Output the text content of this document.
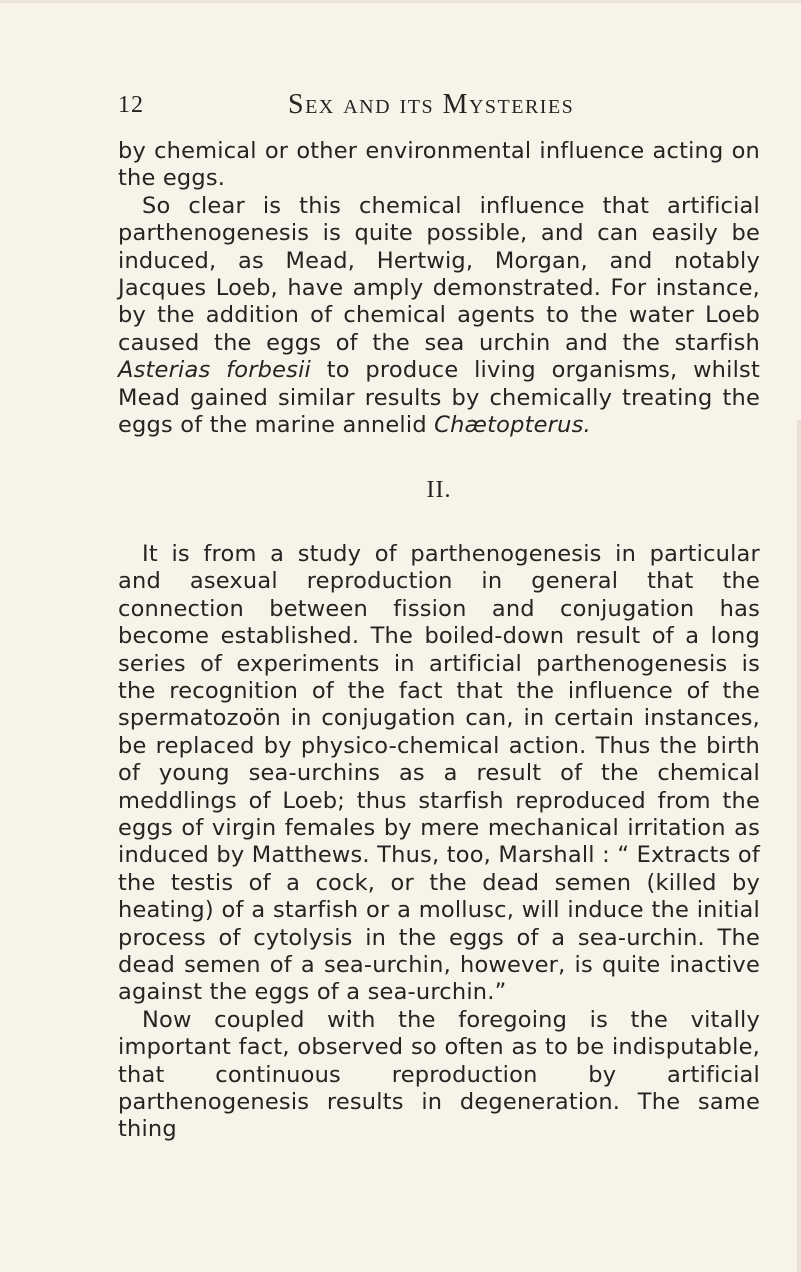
12	Sex and its Mysteries

by chemical or other environmental influence acting on the eggs.

So clear is this chemical influence that artificial parthenogenesis is quite possible, and can easily be induced, as Mead, Hertwig, Morgan, and notably Jacques Loeb, have amply demonstrated. For instance, by the addition of chemical agents to the water Loeb caused the eggs of the sea urchin and the starfish Asterias forbesii to produce living organisms, whilst Mead gained similar results by chemically treating the eggs of the marine annelid Chætopterus.

II.

It is from a study of parthenogenesis in particular and asexual reproduction in general that the connection between fission and conjugation has become established. The boiled-down result of a long series of experiments in artificial parthenogenesis is the recognition of the fact that the influence of the spermatozoön in conjugation can, in certain instances, be replaced by physico-chemical action. Thus the birth of young sea-urchins as a result of the chemical meddlings of Loeb; thus starfish reproduced from the eggs of virgin females by mere mechanical irritation as induced by Matthews. Thus, too, Marshall : “ Extracts of the testis of a cock, or the dead semen (killed by heating) of a starfish or a mollusc, will induce the initial process of cytolysis in the eggs of a sea-urchin. The dead semen of a sea-urchin, however, is quite inactive against the eggs of a sea-urchin.”

Now coupled with the foregoing is the vitally important fact, observed so often as to be indisputable, that continuous reproduction by artificial parthenogenesis results in degeneration. The same thing
